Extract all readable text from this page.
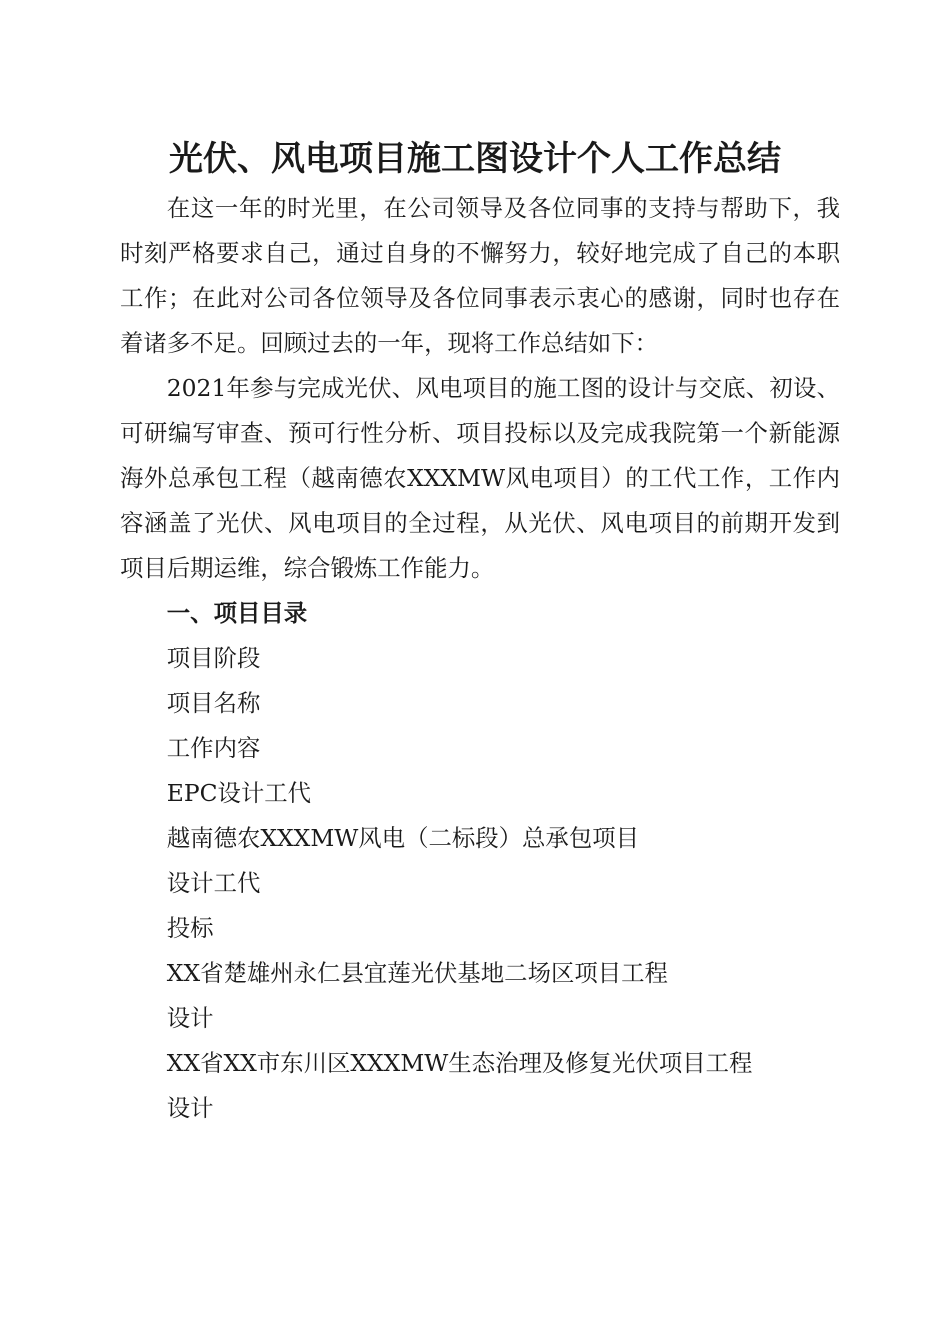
光伏、风电项目施工图设计个人工作总结

在这一年的时光里，在公司领导及各位同事的支持与帮助下，我时刻严格要求自己，通过自身的不懈努力，较好地完成了自己的本职工作；在此对公司各位领导及各位同事表示衷心的感谢，同时也存在着诸多不足。回顾过去的一年，现将工作总结如下：

2021年参与完成光伏、风电项目的施工图的设计与交底、初设、可研编写审查、预可行性分析、项目投标以及完成我院第一个新能源海外总承包工程（越南德农XXXMW风电项目）的工代工作，工作内容涵盖了光伏、风电项目的全过程，从光伏、风电项目的前期开发到项目后期运维，综合锻炼工作能力。

一、项目目录

项目阶段

项目名称

工作内容

EPC设计工代

越南德农XXXMW风电（二标段）总承包项目

设计工代

投标

XX省楚雄州永仁县宜莲光伏基地二场区项目工程

设计

XX省XX市东川区XXXMW生态治理及修复光伏项目工程

设计
